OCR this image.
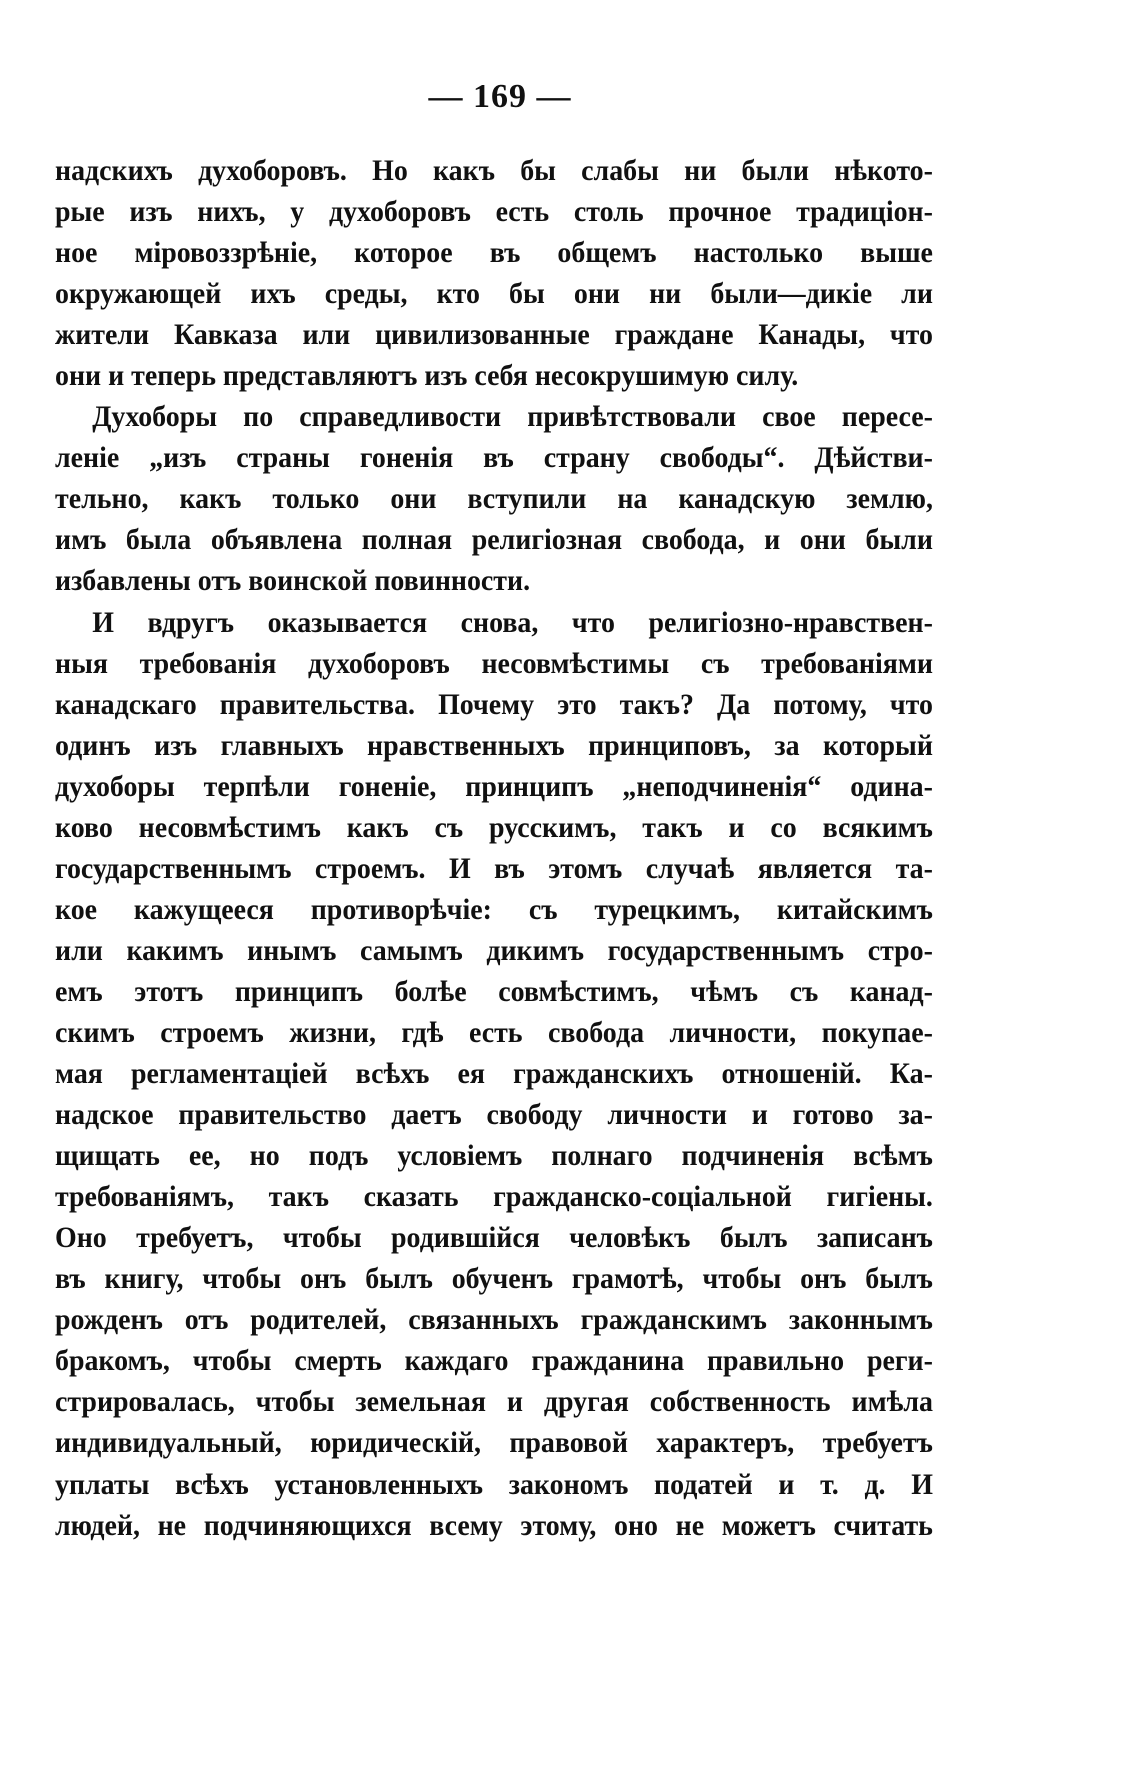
— 169 —
надскихъ духоборовъ. Но какъ бы слабы ни были нѣкото-
рые изъ нихъ, у духоборовъ есть столь прочное традиціон-
ное міровоззрѣніе, которое въ общемъ настолько выше
окружающей ихъ среды, кто бы они ни были—дикіе ли
жители Кавказа или цивилизованные граждане Канады, что
они и теперь представляютъ изъ себя несокрушимую силу.
Духоборы по справедливости привѣтствовали свое пересе-
леніе „изъ страны гоненія въ страну свободы“. Дѣйстви-
тельно, какъ только они вступили на канадскую землю,
имъ была объявлена полная религіозная свобода, и они были
избавлены отъ воинской повинности.
И вдругъ оказывается снова, что религіозно-нравствен-
ныя требованія духоборовъ несовмѣстимы съ требованіями
канадскаго правительства. Почему это такъ? Да потому, что
одинъ изъ главныхъ нравственныхъ принциповъ, за который
духоборы терпѣли гоненіе, принципъ „неподчиненія“ одина-
ково несовмѣстимъ какъ съ русскимъ, такъ и со всякимъ
государственнымъ строемъ. И въ этомъ случаѣ является та-
кое кажущееся противорѣчіе: съ турецкимъ, китайскимъ
или какимъ инымъ самымъ дикимъ государственнымъ стро-
емъ этотъ принципъ болѣе совмѣстимъ, чѣмъ съ канад-
скимъ строемъ жизни, гдѣ есть свобода личности, покупае-
мая регламентаціей всѣхъ ея гражданскихъ отношеній. Ка-
надское правительство даетъ свободу личности и готово за-
щищать ее, но подъ условіемъ полнаго подчиненія всѣмъ
требованіямъ, такъ сказать гражданско-соціальной гигіены.
Оно требуетъ, чтобы родившійся человѣкъ былъ записанъ
въ книгу, чтобы онъ былъ обученъ грамотѣ, чтобы онъ былъ
рожденъ отъ родителей, связанныхъ гражданскимъ законнымъ
бракомъ, чтобы смерть каждаго гражданина правильно реги-
стрировалась, чтобы земельная и другая собственность имѣла
индивидуальный, юридическій, правовой характеръ, требуетъ
уплаты всѣхъ установленныхъ закономъ податей и т. д. И
людей, не подчиняющихся всему этому, оно не можетъ считать
